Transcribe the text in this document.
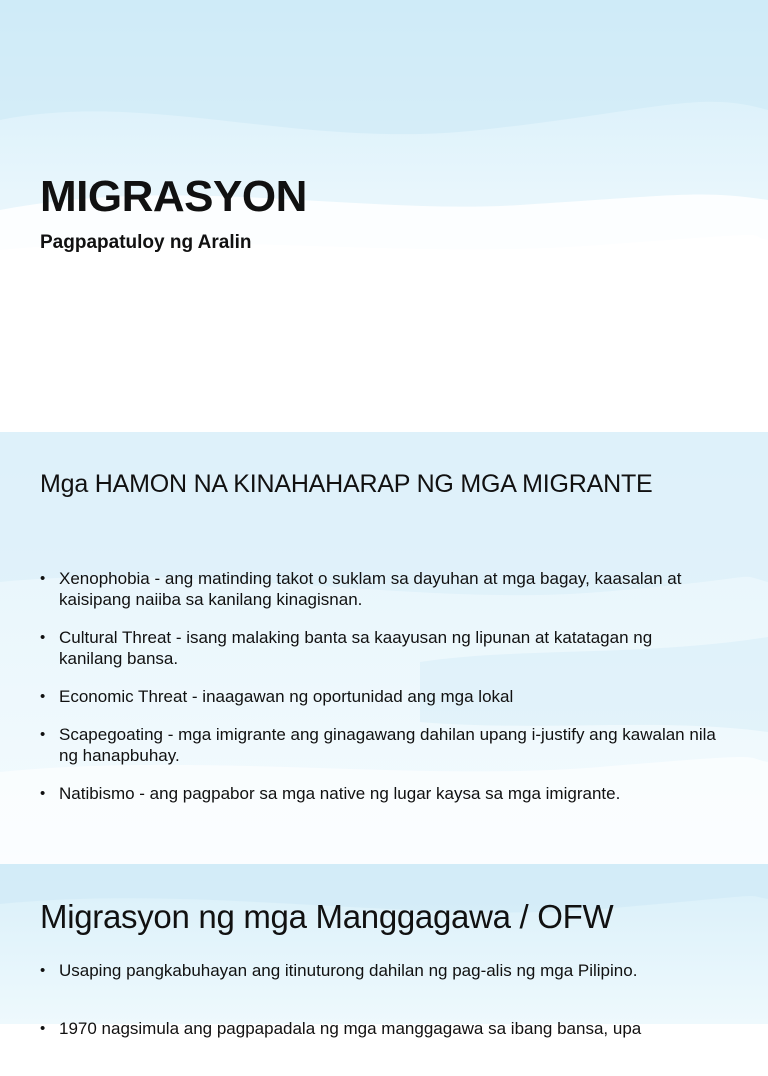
MIGRASYON

Pagpapatuloy ng Aralin

Mga HAMON NA KINAHAHARAP NG MGA MIGRANTE
• Xenophobia - ang matinding takot o suklam sa dayuhan at mga bagay, kaasalan at kaisipang naiiba sa kanilang kinagisnan.
• Cultural Threat - isang malaking banta sa kaayusan ng lipunan at katatagan ng kanilang bansa.
• Economic Threat - inaagawan ng oportunidad ang mga lokal
• Scapegoating - mga imigrante ang ginagawang dahilan upang i-justify ang kawalan nila ng hanapbuhay.
• Natibismo - ang pagpabor sa mga native ng lugar kaysa sa mga imigrante.
Migrasyon ng mga Manggagawa / OFW
• Usaping pangkabuhayan ang itinuturong dahilan ng pag-alis ng mga Pilipino.
• 1970 nagsimula ang pagpapadala ng mga manggagawa sa ibang bansa, upa
